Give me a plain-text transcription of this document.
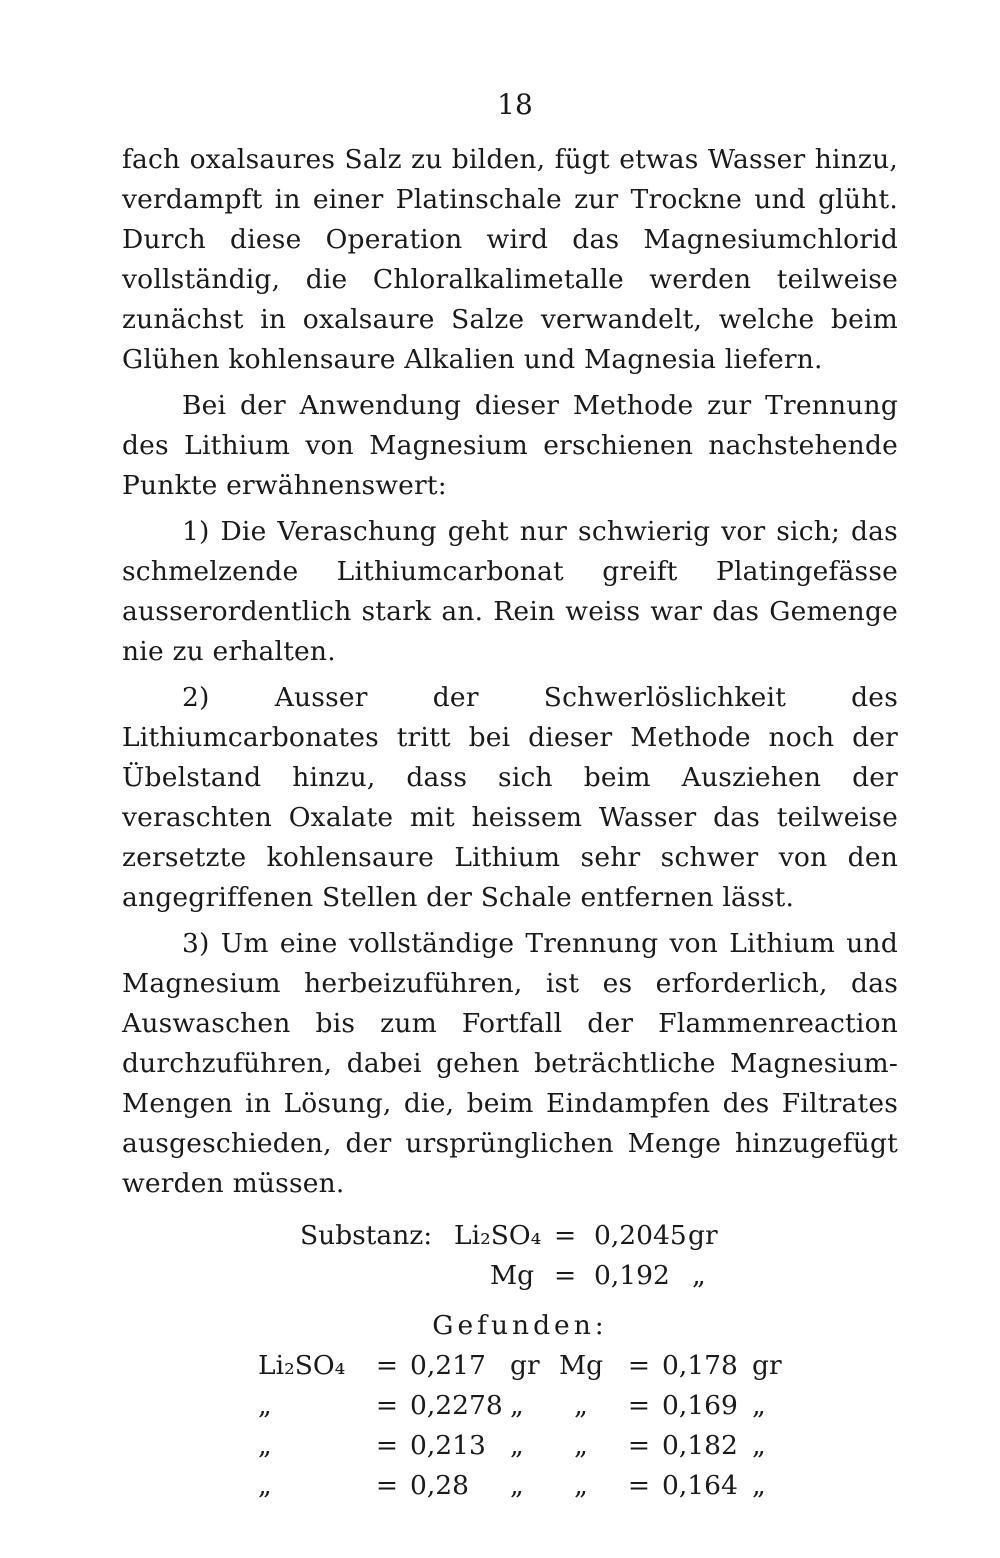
18

fach oxalsaures Salz zu bilden, fügt etwas Wasser hinzu, verdampft in einer Platinschale zur Trockne und glüht. Durch diese Operation wird das Magnesiumchlorid vollständig, die Chloralkalimetalle werden teilweise zunächst in oxalsaure Salze verwandelt, welche beim Glühen kohlensaure Alkalien und Magnesia liefern.

Bei der Anwendung dieser Methode zur Trennung des Lithium von Magnesium erschienen nachstehende Punkte erwähnenswert:

1) Die Veraschung geht nur schwierig vor sich; das schmelzende Lithiumcarbonat greift Platingefässe ausserordentlich stark an. Rein weiss war das Gemenge nie zu erhalten.

2) Ausser der Schwerlöslichkeit des Lithiumcarbonates tritt bei dieser Methode noch der Übelstand hinzu, dass sich beim Ausziehen der veraschten Oxalate mit heissem Wasser das teilweise zersetzte kohlensaure Lithium sehr schwer von den angegriffenen Stellen der Schale entfernen lässt.

3) Um eine vollständige Trennung von Lithium und Magnesium herbeizuführen, ist es erforderlich, das Auswaschen bis zum Fortfall der Flammenreaction durchzuführen, dabei gehen beträchtliche Magnesium-Mengen in Lösung, die, beim Eindampfen des Filtrates ausgeschieden, der ursprünglichen Menge hinzugefügt werden müssen.

Substanz: Li₂SO₄ = 0,2045 gr
Mg = 0,192 „
Gefunden:
Li₂SO₄	=	0,217	gr	Mg	=	0,178	gr
„	=	0,2278	„	„	=	0,169	„
„	=	0,213	„	„	=	0,182	„
„	=	0,28	„	„	=	0,164	„
